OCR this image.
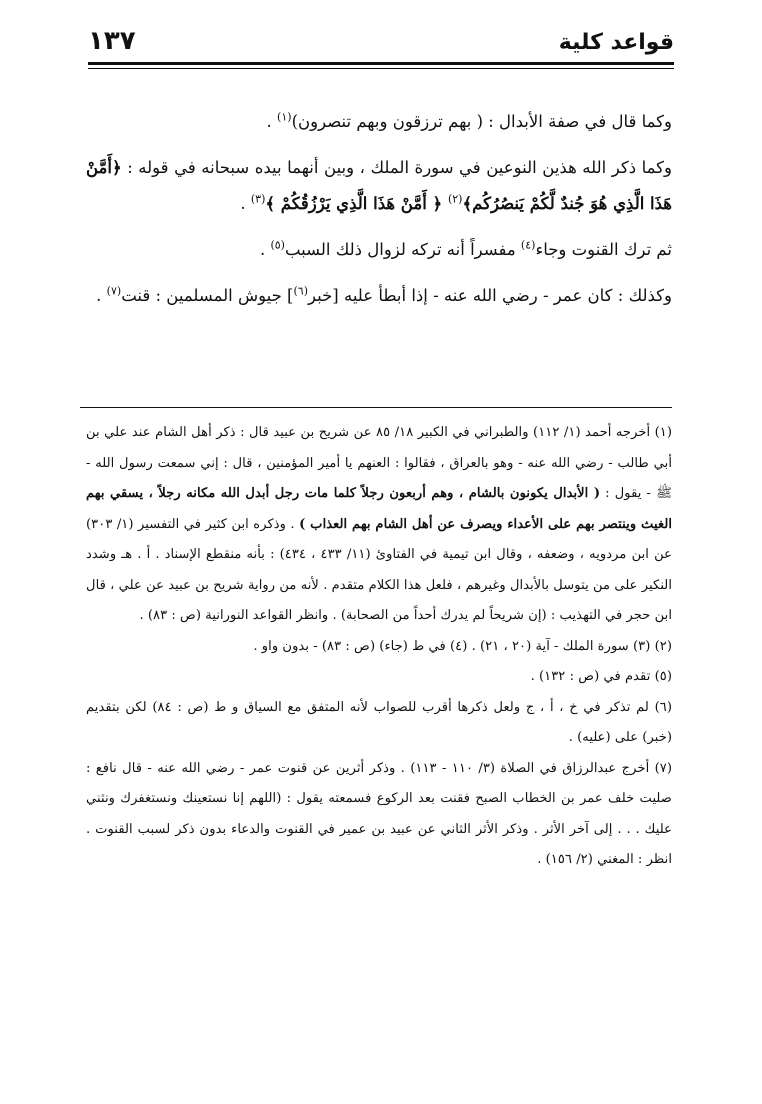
قواعد كلية
١٣٧

وكما قال في صفة الأبدال : ( بهم ترزقون وبهم تنصرون)$^{(١)}$ .

وكما ذكر الله هذين النوعين في سورة الملك ، وبين أنهما بيده سبحانه في قوله : ﴿أَمَّنْ هَذَا الَّذِي هُوَ جُندٌ لَّكُمْ يَنصُرُكُم﴾$^{(٢)}$ ﴿ أَمَّنْ هَذَا الَّذِي يَرْزُقُكُمْ ﴾$^{(٣)}$ .

ثم ترك القنوت وجاء$^{(٤)}$ مفسراً أنه تركه لزوال ذلك السبب$^{(٥)}$ .

وكذلك : كان عمر - رضي الله عنه - إذا أبطأ عليه [خبر$^{(٦)}$] جيوش المسلمين : قنت$^{(٧)}$ .

(١) أخرجه أحمد (١/ ١١٢) والطبراني في الكبير ١٨/ ٨٥ عن شريح بن عبيد قال : ذكر أهل الشام عند علي بن أبي طالب - رضي الله عنه - وهو بالعراق ، فقالوا : العنهم يا أمير المؤمنين ، قال : إني سمعت رسول الله - ﷺ - يقول : ( الأبدال يكونون بالشام ، وهم أربعون رجلاً كلما مات رجل أبدل الله مكانه رجلاً ، يسقي بهم الغيث وينتصر بهم على الأعداء ويصرف عن أهل الشام بهم العذاب ) . وذكره ابن كثير في التفسير (١/ ٣٠٣) عن ابن مردويه ، وضعفه ، وقال ابن تيمية في الفتاوئ (١١/ ٤٣٣ ، ٤٣٤) : بأنه منقطع الإسناد . أ . هـ وشدد النكير على من يتوسل بالأبدال وغيرهم ، فلعل هذا الكلام متقدم . لأنه من رواية شريح بن عبيد عن علي ، قال ابن حجر في التهذيب : (إن شريحاً لم يدرك أحداً من الصحابة) . وانظر القواعد النورانية (ص : ٨٣) .

(٢) (٣) سورة الملك - آية (٢٠ ، ٢١) . (٤) في ط (جاء) (ص : ٨٣) - بدون واو .

(٥) تقدم في (ص : ١٣٢) .

(٦) لم تذكر في خ ، أ ، ج ولعل ذكرها أقرب للصواب لأنه المتفق مع السياق و ط (ص : ٨٤) لكن بتقديم (خبر) على (عليه) .

(٧) أخرج عبدالرزاق في الصلاة (٣/ ١١٠ - ١١٣) . وذكر أثرين عن قنوت عمر - رضي الله عنه - قال نافع : صليت خلف عمر بن الخطاب الصبح فقنت بعد الركوع فسمعته يقول : (اللهم إنا نستعينك ونستغفرك ونثني عليك . . . إلى آخر الأثر . وذكر الأثر الثاني عن عبيد بن عمير في القنوت والدعاء بدون ذكر لسبب القنوت . انظر : المغني (٢/ ١٥٦) .
